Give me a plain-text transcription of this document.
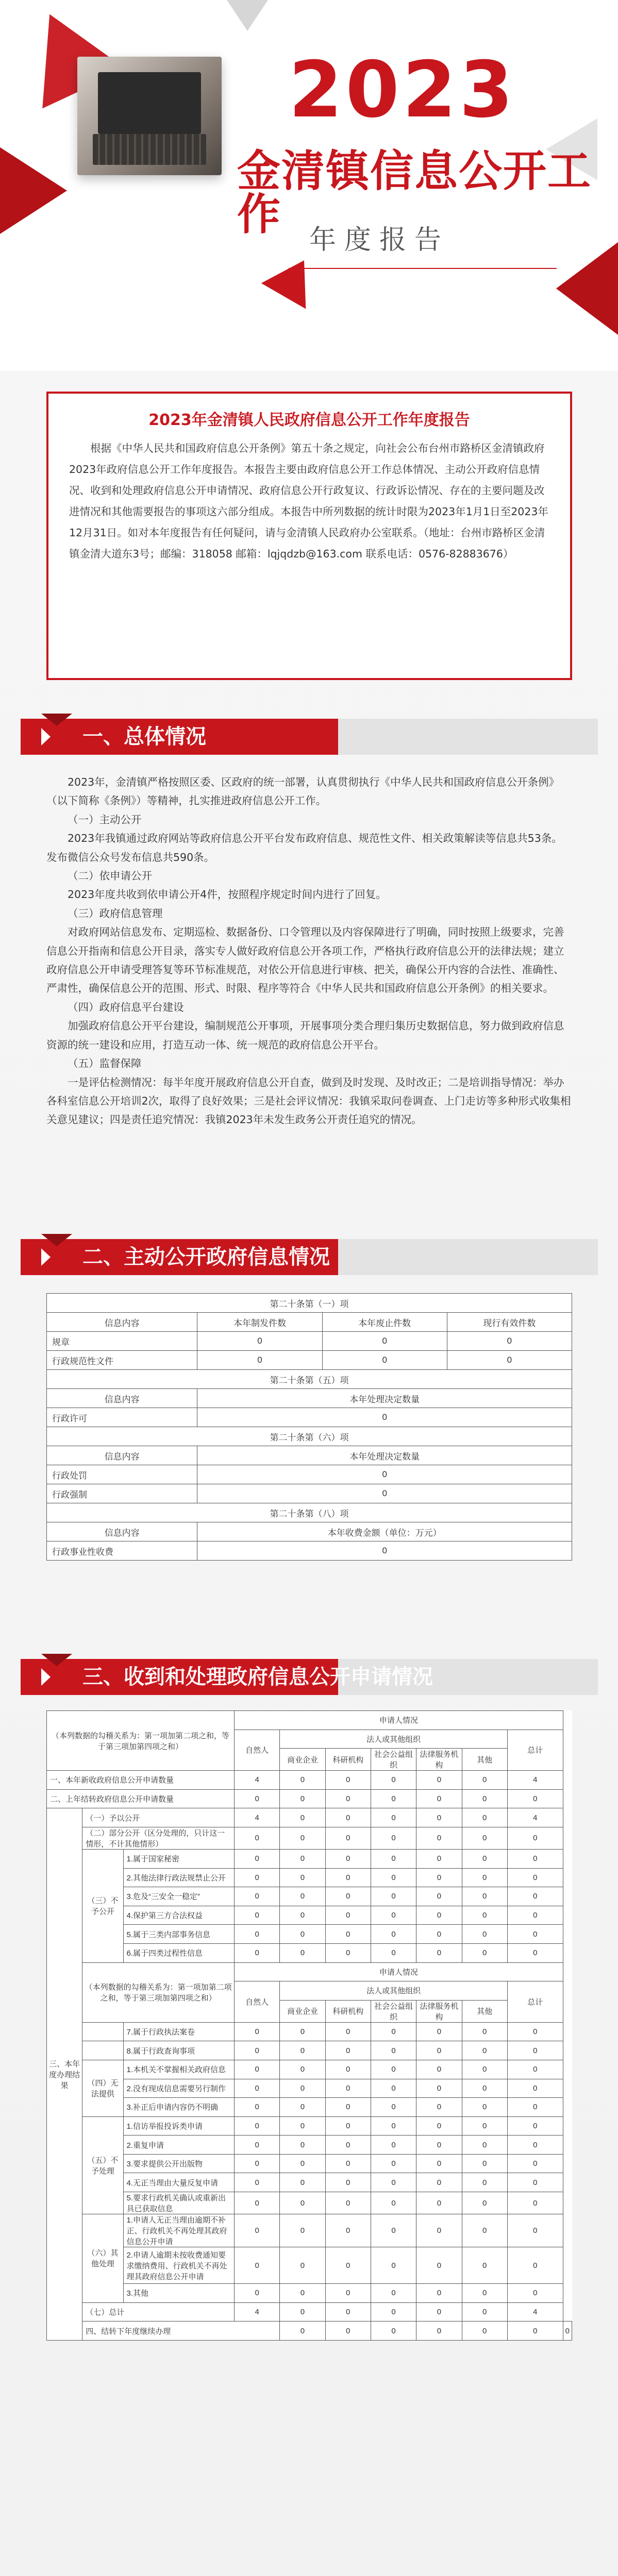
2023
金清镇信息公开工作
年度报告
2023年金清镇人民政府信息公开工作年度报告

根据《中华人民共和国政府信息公开条例》第五十条之规定，向社会公布台州市路桥区金清镇政府2023年政府信息公开工作年度报告。本报告主要由政府信息公开工作总体情况、主动公开政府信息情况、收到和处理政府信息公开申请情况、政府信息公开行政复议、行政诉讼情况、存在的主要问题及改进情况和其他需要报告的事项这六部分组成。本报告中所列数据的统计时限为2023年1月1日至2023年12月31日。如对本年度报告有任何疑问，请与金清镇人民政府办公室联系。（地址：台州市路桥区金清镇金清大道东3号；邮编：318058 邮箱：lqjqdzb@163.com 联系电话：0576-82883676）

一、总体情况

2023年，金清镇严格按照区委、区政府的统一部署，认真贯彻执行《中华人民共和国政府信息公开条例》（以下简称《条例》）等精神，扎实推进政府信息公开工作。

（一）主动公开

2023年我镇通过政府网站等政府信息公开平台发布政府信息、规范性文件、相关政策解读等信息共53条。发布微信公众号发布信息共590条。

（二）依申请公开

2023年度共收到依申请公开4件，按照程序规定时间内进行了回复。

（三）政府信息管理

对政府网站信息发布、定期巡检、数据备份、口令管理以及内容保障进行了明确，同时按照上级要求，完善信息公开指南和信息公开目录，落实专人做好政府信息公开各项工作，严格执行政府信息公开的法律法规；建立政府信息公开申请受理答复等环节标准规范，对依公开信息进行审核、把关，确保公开内容的合法性、准确性、严肃性，确保信息公开的范围、形式、时限、程序等符合《中华人民共和国政府信息公开条例》的相关要求。

（四）政府信息平台建设

加强政府信息公开平台建设，编制规范公开事项，开展事项分类合理归集历史数据信息，努力做到政府信息资源的统一建设和应用，打造互动一体、统一规范的政府信息公开平台。

（五）监督保障

一是评估检测情况：每半年度开展政府信息公开自查，做到及时发现、及时改正；二是培训指导情况：举办各科室信息公开培训2次，取得了良好效果；三是社会评议情况：我镇采取问卷调查、上门走访等多种形式收集相关意见建议；四是责任追究情况：我镇2023年未发生政务公开责任追究的情况。

二、主动公开政府信息情况
第二十条第（一）项			
信息内容	本年制发件数	本年废止件数	现行有效件数
规章	0	0	0
行政规范性文件	0	0	0
第二十条第（五）项			
信息内容	本年处理决定数量		
行政许可	0		
第二十条第（六）项			
信息内容	本年处理决定数量		
行政处罚	0		
行政强制	0		
第二十条第（八）项			
信息内容	本年收费金额（单位：万元）		
行政事业性收费	0		
三、收到和处理政府信息公开申请情况
（本列数据的勾稽关系为：第一项加第二项之和，等于第三项加第四项之和）			申请人情况							
			自然人	法人或其他组织					总计	
				商业企业	科研机构	社会公益组织	法律服务机构	其他		
一、本年新收政府信息公开申请数量			4	0	0	0	0	0	4	
二、上年结转政府信息公开申请数量			0	0	0	0	0	0	0	
三、本年度办理结果	（一）予以公开		4	0	0	0	0	0	4	
	（二）部分公开（区分处理的，只计这一情形，不计其他情形）		0	0	0	0	0	0	0	
	（三）不予公开	1.属于国家秘密	0	0	0	0	0	0	0	
		2.其他法律行政法规禁止公开	0	0	0	0	0	0	0	
		3.危及“三安全一稳定”	0	0	0	0	0	0	0	
		4.保护第三方合法权益	0	0	0	0	0	0	0	
		5.属于三类内部事务信息	0	0	0	0	0	0	0	
		6.属于四类过程性信息	0	0	0	0	0	0	0	
	（本列数据的勾稽关系为：第一项加第二项之和，等于第三项加第四项之和）		申请人情况							
			自然人	法人或其他组织					总计	
				商业企业	科研机构	社会公益组织	法律服务机构	其他		
		7.属于行政执法案卷	0	0	0	0	0	0	0	
		8.属于行政查询事项	0	0	0	0	0	0	0	
	（四）无法提供	1.本机关不掌握相关政府信息	0	0	0	0	0	0	0	
		2.没有现成信息需要另行制作	0	0	0	0	0	0	0	
		3.补正后申请内容仍不明确	0	0	0	0	0	0	0	
	（五）不予处理	1.信访举报投诉类申请	0	0	0	0	0	0	0	
		2.重复申请	0	0	0	0	0	0	0	
		3.要求提供公开出版物	0	0	0	0	0	0	0	
		4.无正当理由大量反复申请	0	0	0	0	0	0	0	
		5.要求行政机关确认或重新出具已获取信息	0	0	0	0	0	0	0	
	（六）其他处理	1.申请人无正当理由逾期不补正、行政机关不再处理其政府信息公开申请	0	0	0	0	0	0	0	
		2.申请人逾期未按收费通知要求缴纳费用、行政机关不再处理其政府信息公开申请	0	0	0	0	0	0	0	
		3.其他	0	0	0	0	0	0	0	
	（七）总计		4	0	0	0	0	0	4	
	四、结转下年度继续办理			0	0	0	0	0	0	0
